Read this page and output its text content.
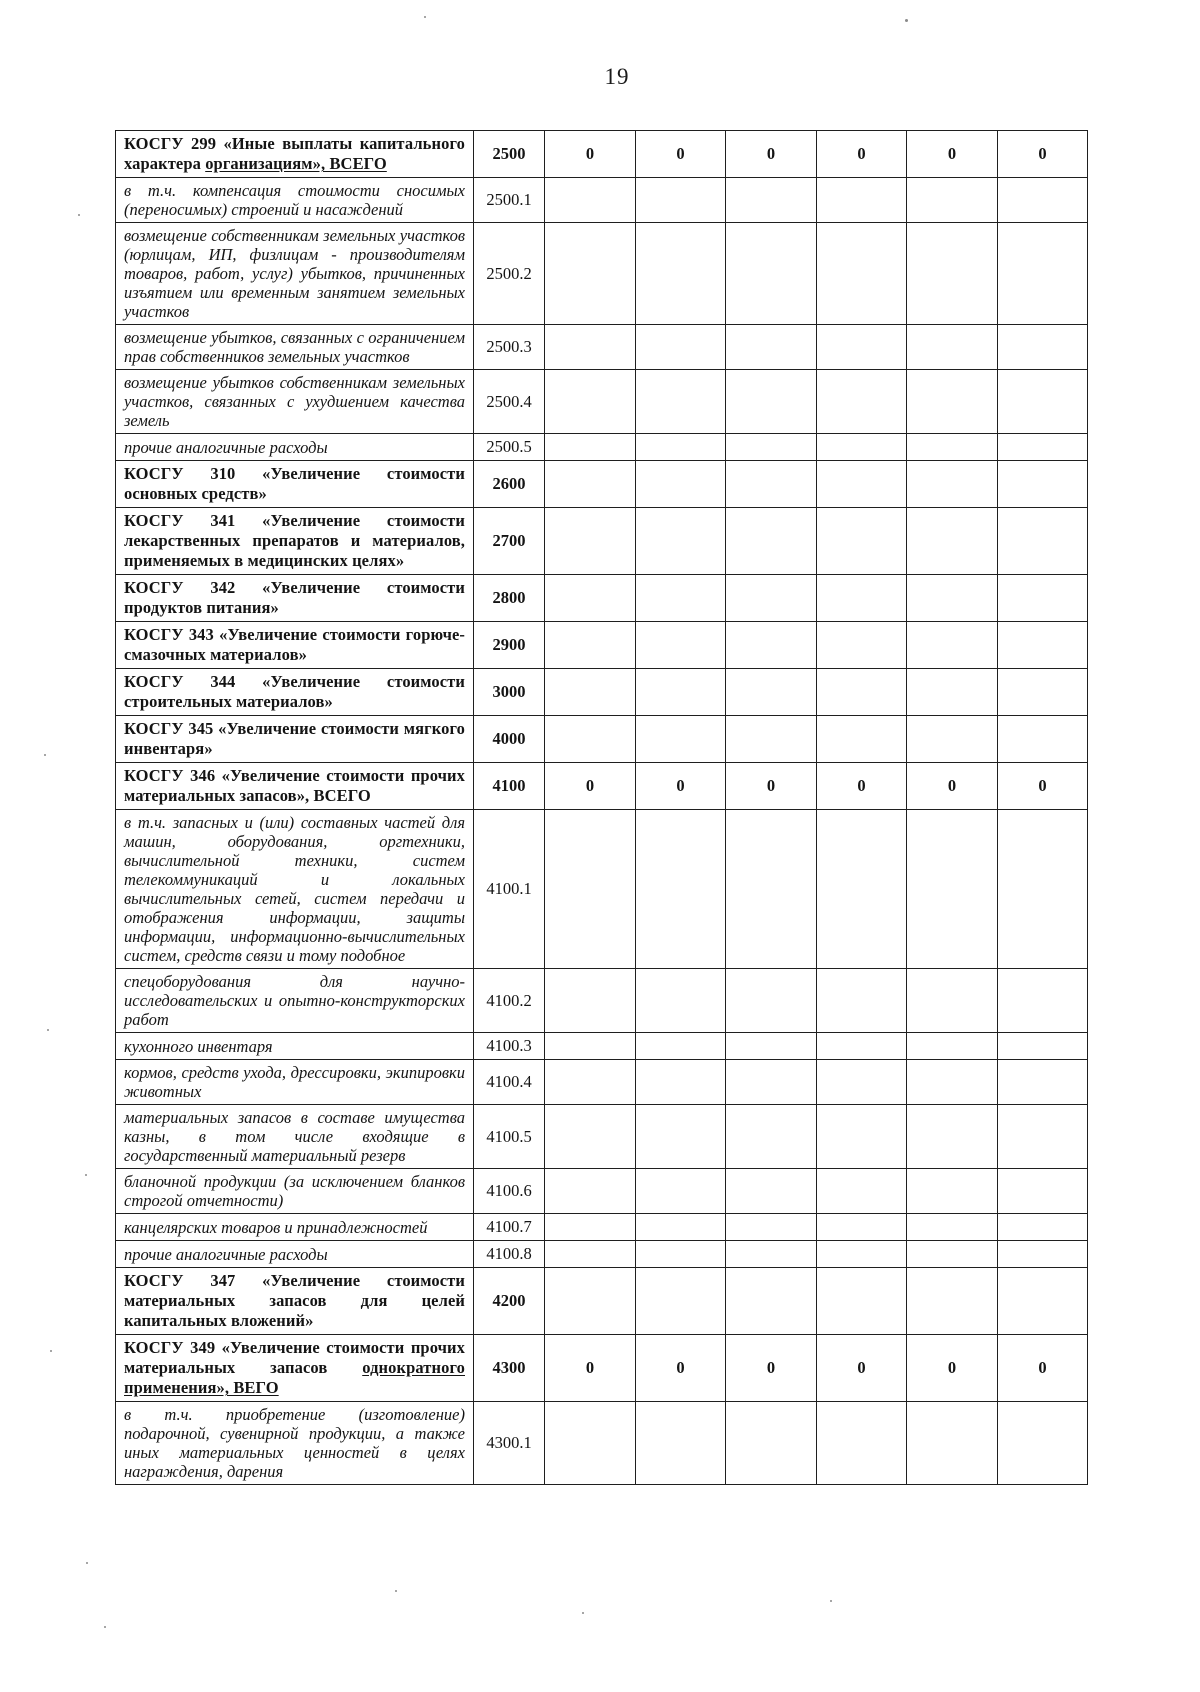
19
КОСГУ 299 «Иные выплаты капитального характера организациям», ВСЕГО	2500	0	0	0	0	0	0
в т.ч. компенсация стоимости сносимых (переносимых) строений и насаждений	2500.1						
возмещение собственникам земельных участков (юрлицам, ИП, физлицам - производителям товаров, работ, услуг) убытков, причиненных изъятием или временным занятием земельных участков	2500.2						
возмещение убытков, связанных с ограничением прав собственников земельных участков	2500.3						
возмещение убытков собственникам земельных участков, связанных с ухудшением качества земель	2500.4						
прочие аналогичные расходы	2500.5						
КОСГУ 310 «Увеличение стоимости основных средств»	2600						
КОСГУ 341 «Увеличение стоимости лекарственных препаратов и материалов, применяемых в медицинских целях»	2700						
КОСГУ 342 «Увеличение стоимости продуктов питания»	2800						
КОСГУ 343 «Увеличение стоимости горюче-смазочных материалов»	2900						
КОСГУ 344 «Увеличение стоимости строительных материалов»	3000						
КОСГУ 345 «Увеличение стоимости мягкого инвентаря»	4000						
КОСГУ 346 «Увеличение стоимости прочих материальных запасов», ВСЕГО	4100	0	0	0	0	0	0
в т.ч. запасных и (или) составных частей для машин, оборудования, оргтехники, вычислительной техники, систем телекоммуникаций и локальных вычислительных сетей, систем передачи и отображения информации, защиты информации, информационно-вычислительных систем, средств связи и тому подобное	4100.1						
спецоборудования для научно-исследовательских и опытно-конструкторских работ	4100.2						
кухонного инвентаря	4100.3						
кормов, средств ухода, дрессировки, экипировки животных	4100.4						
материальных запасов в составе имущества казны, в том числе входящие в государственный материальный резерв	4100.5						
бланочной продукции (за исключением бланков строгой отчетности)	4100.6						
канцелярских товаров и принадлежностей	4100.7						
прочие аналогичные расходы	4100.8						
КОСГУ 347 «Увеличение стоимости материальных запасов для целей капитальных вложений»	4200						
КОСГУ 349 «Увеличение стоимости прочих материальных запасов однократного применения», ВЕГО	4300	0	0	0	0	0	0
в т.ч. приобретение (изготовление) подарочной, сувенирной продукции, а также иных материальных ценностей в целях награждения, дарения	4300.1						
